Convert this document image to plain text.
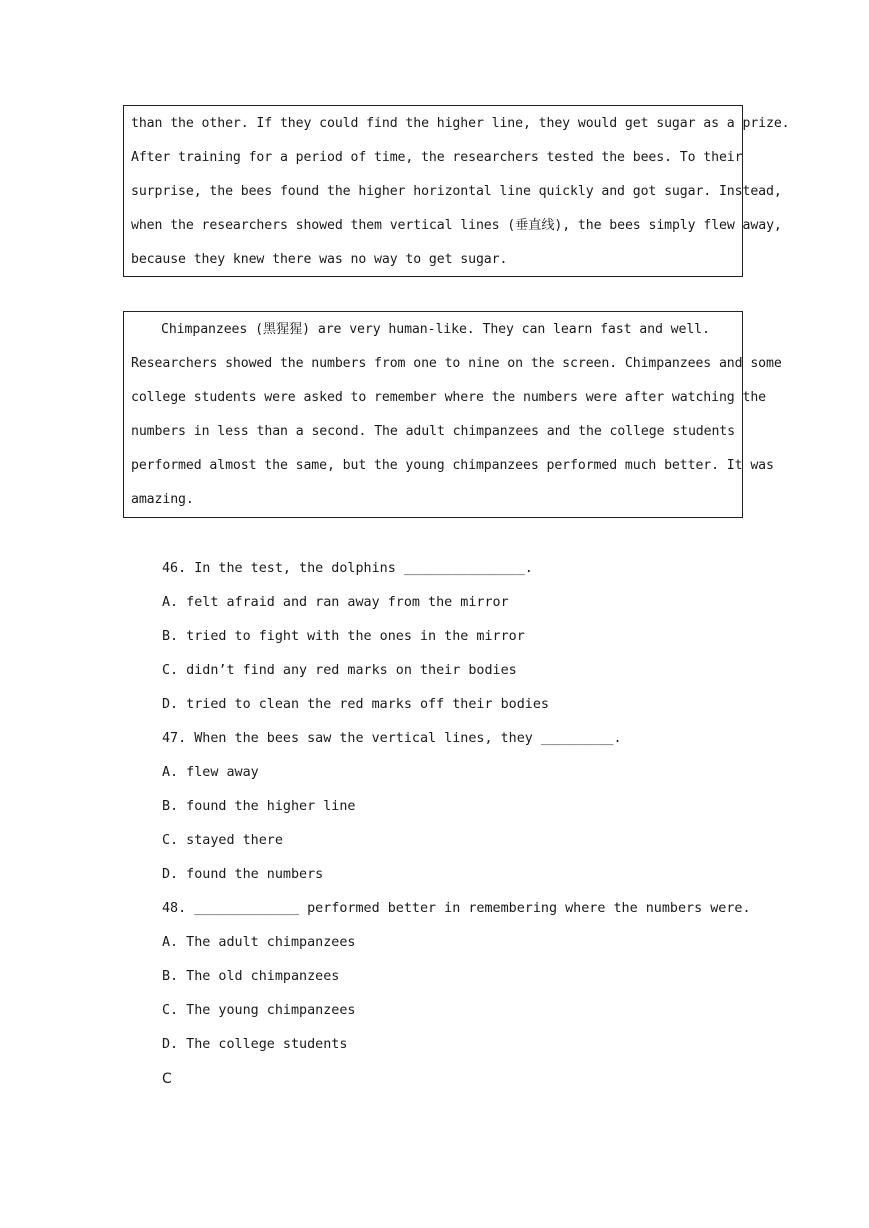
than the other. If they could find the higher line, they would get sugar as a prize.
After training for a period of time, the researchers tested the bees. To their
surprise, the bees found the higher horizontal line quickly and got sugar. Instead,
when the researchers showed them vertical lines (垂直线), the bees simply flew away,
because they knew there was no way to get sugar.
Chimpanzees (黑猩猩) are very human-like. They can learn fast and well.
Researchers showed the numbers from one to nine on the screen. Chimpanzees and some
college students were asked to remember where the numbers were after watching the
numbers in less than a second. The adult chimpanzees and the college students
performed almost the same, but the young chimpanzees performed much better. It was
amazing.
46. In the test, the dolphins _______________.
A. felt afraid and ran away from the mirror
B. tried to fight with the ones in the mirror
C. didn’t find any red marks on their bodies
D. tried to clean the red marks off their bodies
47. When the bees saw the vertical lines, they _________.
A. flew away
B. found the higher line
C. stayed there
D. found the numbers
48. _____________ performed better in remembering where the numbers were.
A. The adult chimpanzees
B. The old chimpanzees
C. The young chimpanzees
D. The college students
C
